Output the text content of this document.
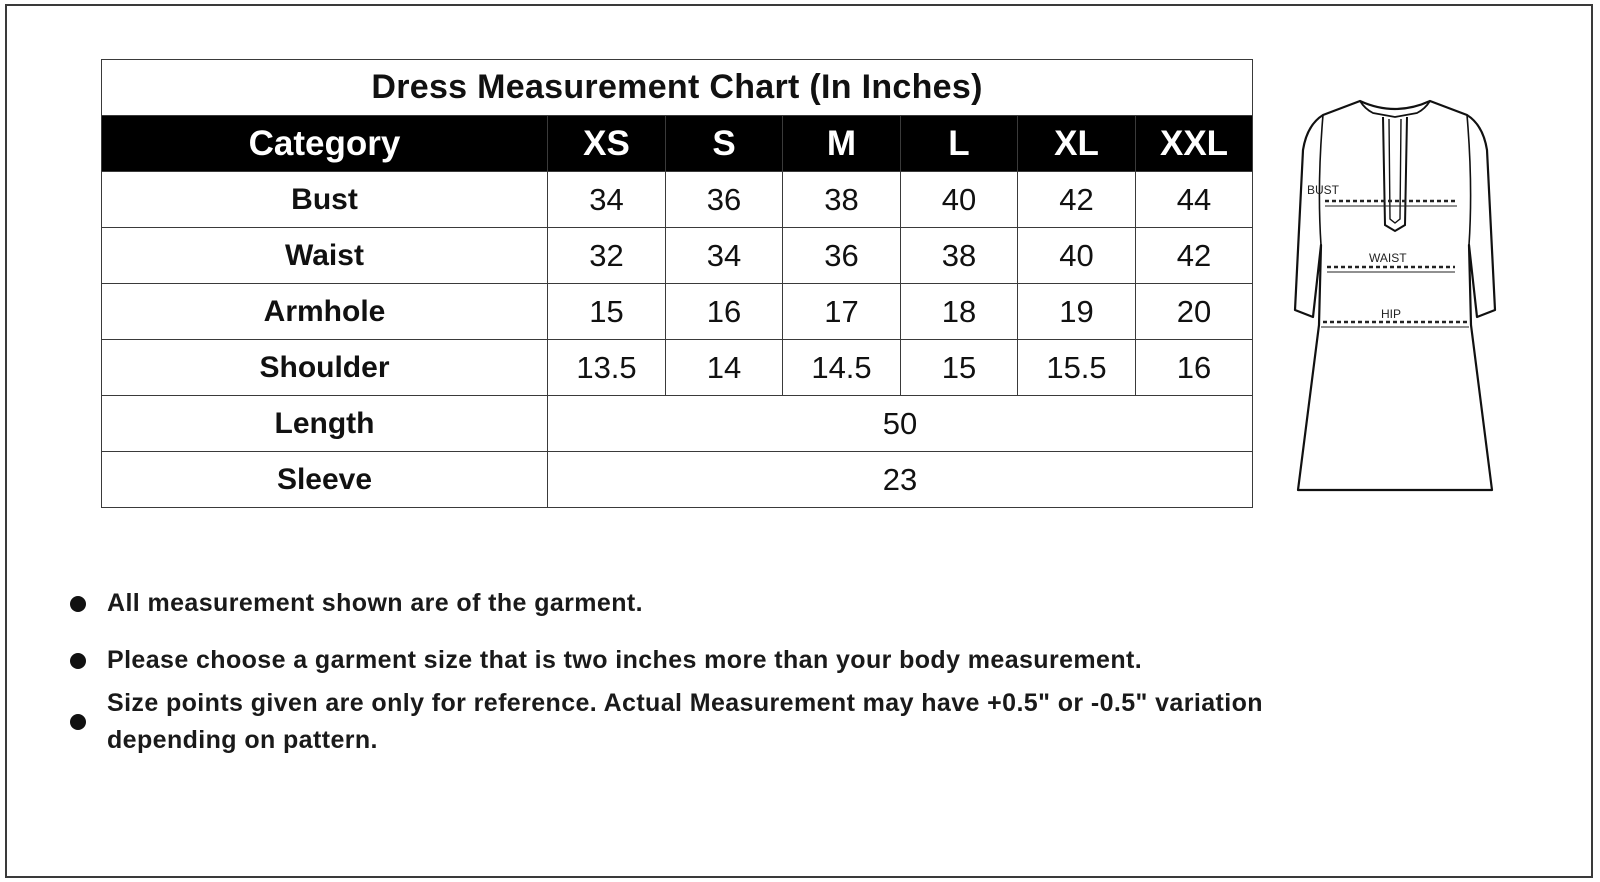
Dress Measurement Chart (In Inches)						
Category	XS	S	M	L	XL	XXL
Bust	34	36	38	40	42	44
Waist	32	34	36	38	40	42
Armhole	15	16	17	18	19	20
Shoulder	13.5	14	14.5	15	15.5	16
Length	50					
Sleeve	23					
BUST
WAIST
HIP
All measurement shown are of the garment.
Please choose a garment size that is two inches more than your body measurement.
Size points given are only for reference. Actual Measurement may have +0.5" or -0.5" variation depending on pattern.
